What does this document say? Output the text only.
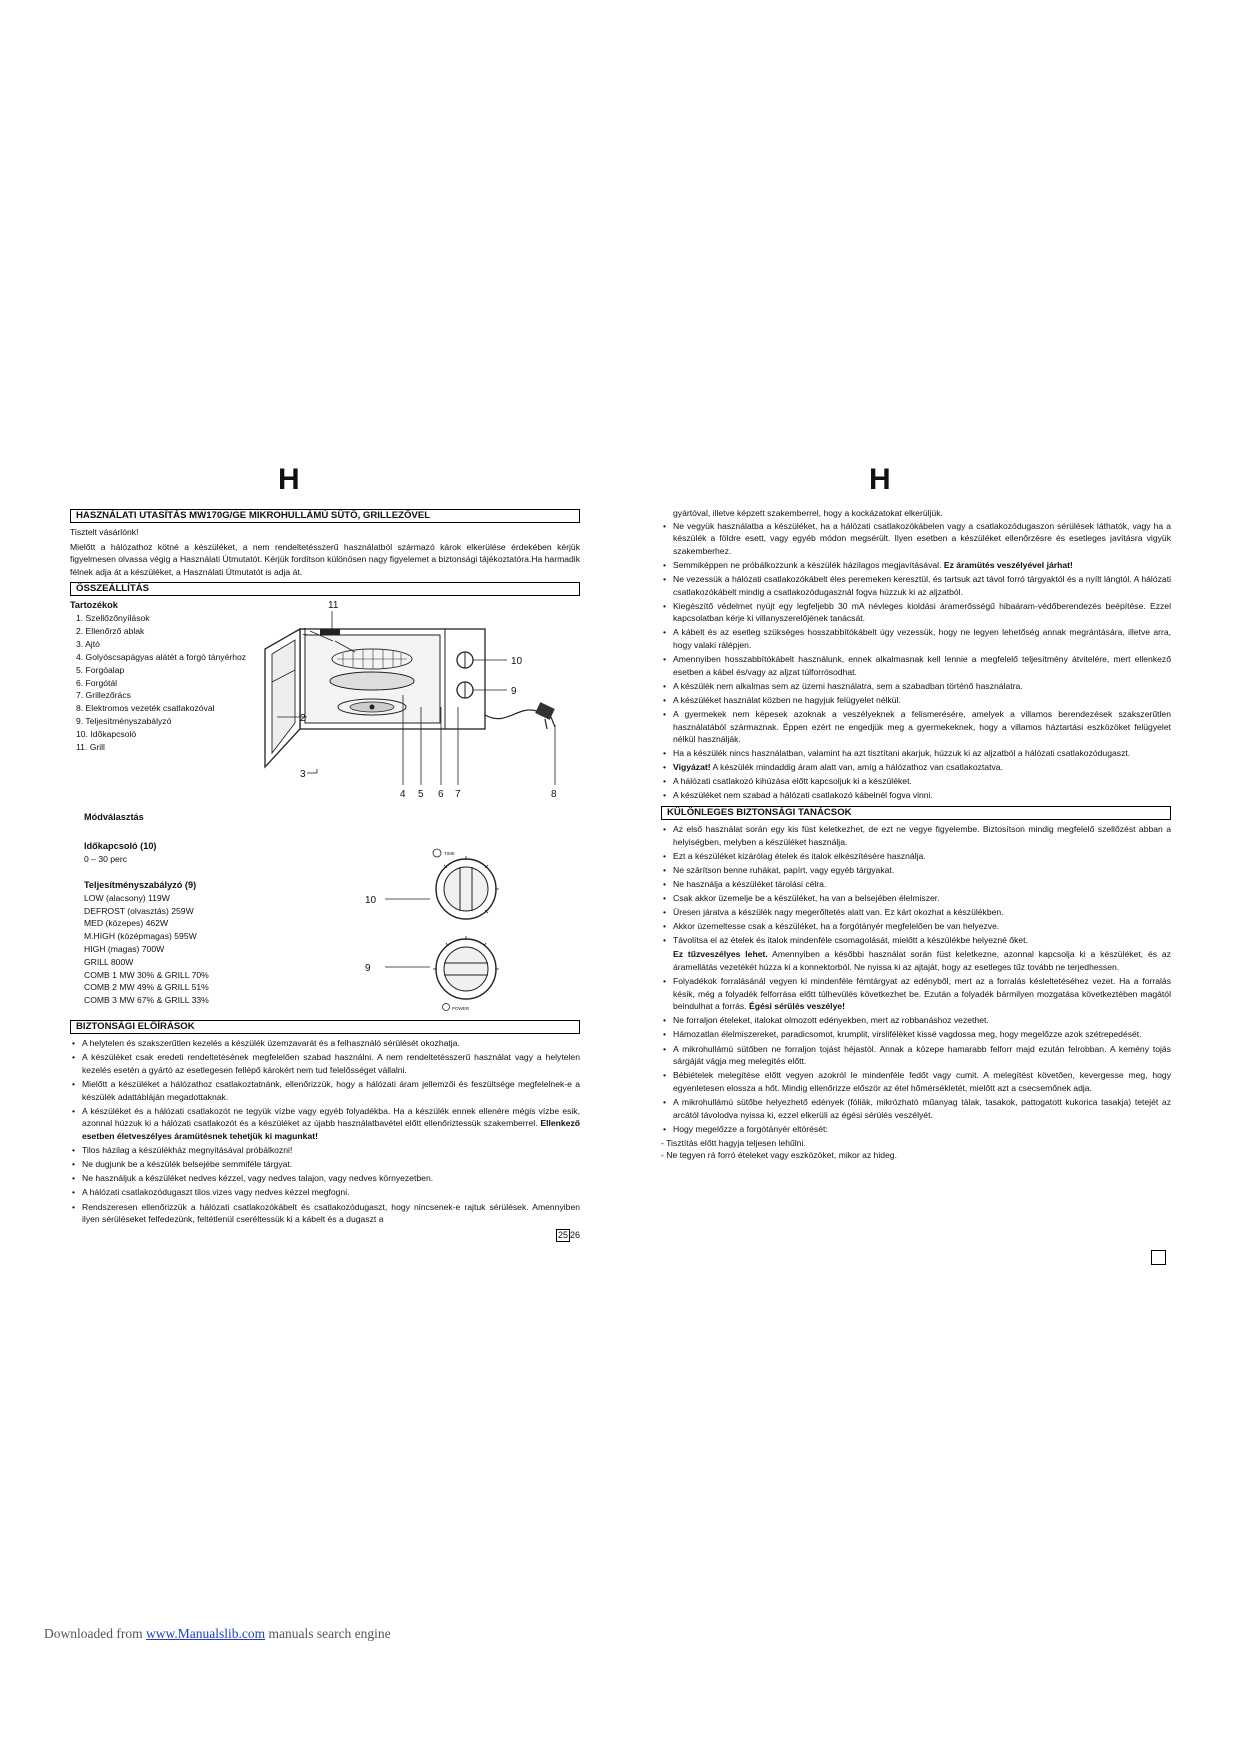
H	H
HASZNÁLATI UTASÍTÁS MW170G/GE MIKROHULLÁMÚ SÜTŐ, GRILLEZŐVEL
Tisztelt vásárlónk!
Mielőtt a hálózathoz kötné a készüléket, a nem rendeltetésszerű használatból származó károk elkerülése érdekében kérjük figyelmesen olvassa végig a Használati Útmutatót. Kérjük fordítson különösen nagy figyelemet a biztonsági tájékoztatóra.Ha harmadik félnek adja át a készüléket, a Használati Útmutatót is adja át.
ÖSSZEÁLLÍTÁS
Tartozékok
1. Szellőzőnyílások
2. Ellenőrző ablak
3. Ajtó
4. Golyóscsapágyas alátét a forgó tányérhoz
5. Forgóalap
6. Forgótál
7. Grillezőrács
8. Elektromos vezeték csatlakozóval
9. Teljesítményszabályzó
10. Időkapcsoló
11. Grill
11
1
10
9
2
3
4 5 6 7	8
Módválasztás
Időkapcsoló (10)
0 – 30 perc
Teljesítményszabályzó (9)
LOW (alacsony) 119W
DEFROST (olvasztás) 259W
MED (közepes) 462W
M.HIGH (középmagas) 595W
HIGH (magas) 700W
GRILL 800W
COMB 1 MW 30% & GRILL 70%
COMB 2 MW 49% & GRILL 51%
COMB 3 MW 67% & GRILL 33%
TIME
10
POWER
9
BIZTONSÁGI ELŐÍRÁSOK
• A helytelen és szakszerűtlen kezelés a készülék üzemzavarát és a felhasználó sérülését okozhatja.
• A készüléket csak eredeti rendeltetésének megfelelően szabad használni. A nem rendeltetésszerű használat vagy a helytelen kezelés esetén a gyártó az esetlegesen fellépő károkért nem tud felelősséget vállalni.
• Mielőtt a készüléket a hálózathoz csatlakoztatnánk, ellenőrizzük, hogy a hálózati áram jellemzői és feszültsége megfelelnek-e a készülék adattábláján megadottaknak.
• A készüléket és a hálózati csatlakozót ne tegyük vízbe vagy egyéb folyadékba. Ha a készülék ennek ellenére mégis vízbe esik, azonnal húzzuk ki a hálózati csatlakozót és a készüléket az újabb használatbavétel előtt ellenőriztessük szakemberrel. Ellenkező esetben életveszélyes áramütésnek tehetjük ki magunkat!
• Tilos házilag a készülékház megnyitásával próbálkozni!
• Ne dugjunk be a készülék belsejébe semmiféle tárgyat.
• Ne használjuk a készüléket nedves kézzel, vagy nedves talajon, vagy nedves környezetben.
• A hálózati csatlakozódugaszt tilos vizes vagy nedves kézzel megfogni.
• Rendszeresen ellenőrizzük a hálózati csatlakozókábelt és csatlakozódugaszt, hogy nincsenek-e rajtuk sérülések. Amennyiben ilyen sérüléseket felfedezünk, feltétlenül cseréltessük ki a kábelt és a dugaszt a
25 26
gyártóval, illetve képzett szakemberrel, hogy a kockázatokat elkerüljük.
• Ne vegyük használatba a készüléket, ha a hálózati csatlakozókábelen vagy a csatlakozódugaszon sérülések láthatók, vagy ha a készülék a földre esett, vagy egyéb módon megsérült. Ilyen esetben a készüléket ellenőrzésre és esetleges javításra vigyük szakemberhez.
• Semmiképpen ne próbálkozzunk a készülék házilagos megjavításával. Ez áramütés veszélyével járhat!
• Ne vezessük a hálózati csatlakozókábelt éles peremeken keresztül, és tartsuk azt távol forró tárgyaktól és a nyílt lángtól. A hálózati csatlakozókábelt mindig a csatlakozódugasznál fogva húzzuk ki az aljzatból.
• Kiegészítő védelmet nyújt egy legfeljebb 30 mA névleges kioldási áramerősségű hibaáram-védőberendezés beépítése. Ezzel kapcsolatban kérje ki villanyszerelőjének tanácsát.
• A kábelt és az esetleg szükséges hosszabbítókábelt úgy vezessük, hogy ne legyen lehetőség annak megrántására, illetve arra, hogy valaki rálépjen.
• Amennyiben hosszabbítókábelt használunk, ennek alkalmasnak kell lennie a megfelelő teljesítmény átvitelére, mert ellenkező esetben a kábel és/vagy az aljzat túlforrósodhat.
• A készülék nem alkalmas sem az üzemi használatra, sem a szabadban történő használatra.
• A készüléket használat közben ne hagyjuk felügyelet nélkül.
• A gyermekek nem képesek azoknak a veszélyeknek a felismerésére, amelyek a villamos berendezések szakszerűtlen használatából származnak. Éppen ezért ne engedjük meg a gyermekeknek, hogy a villamos háztartási eszközöket felügyelet nélkül használják.
• Ha a készülék nincs használatban, valamint ha azt tisztítani akarjuk, húzzuk ki az aljzatból a hálózati csatlakozódugaszt.
• Vigyázat! A készülék mindaddig áram alatt van, amíg a hálózathoz van csatlakoztatva.
• A hálózati csatlakozó kihúzása előtt kapcsoljuk ki a készüléket.
• A készüléket nem szabad a hálózati csatlakozó kábelnél fogva vinni.
KÜLÖNLEGES BIZTONSÁGI TANÁCSOK
• Az első használat során egy kis füst keletkezhet, de ezt ne vegye figyelembe. Biztosítson mindig megfelelő szellőzést abban a helyiségben, melyben a készüléket használja.
• Ezt a készüléket kizárólag ételek és italok elkészítésére használja.
• Ne szárítson benne ruhákat, papírt, vagy egyéb tárgyakat.
• Ne használja a készüléket tárolási célra.
• Csak akkor üzemelje be a készüléket, ha van a belsejében élelmiszer.
• Üresen járatva a készülék nagy megerőltetés alatt van. Ez kárt okozhat a készülékben.
• Akkor üzemeltesse csak a készüléket, ha a forgótányér megfelelően be van helyezve.
• Távolítsa el az ételek és italok mindenféle csomagolását, mielőtt a készülékbe helyezné őket.
Ez tűzveszélyes lehet. Amennyiben a későbbi használat során füst keletkezne, azonnal kapcsolja ki a készüléket, és az áramellátás vezetékét húzza ki a konnektorból. Ne nyissa ki az ajtaját, hogy az esetleges tűz tovább ne terjedhessen.
• Folyadékok forralásánál vegyen ki mindenféle fémtárgyat az edényből, mert az a forralás késleltetéséhez vezet. Ha a forralás késik, még a folyadék felforrása előtt túlhevülés következhet be. Ezután a folyadék bármilyen mozgatása következtében magától beindulhat a forrás. Égési sérülés veszélye!
• Ne forraljon ételeket, italokat olmozott edényekben, mert az robbanáshoz vezethet.
• Hámozatlan élelmiszereket, paradicsomot, krumplit, virslifélèket kissé vagdossa meg, hogy megelőzze azok szétrepedését.
• A mikrohullámú sütőben ne forraljon tojást héjastól. Annak a közepe hamarabb felforr majd ezután felrobban. A kemény tojás sárgáját vágja meg melegítés előtt.
• Bébiételek melegítése előtt vegyen azokról le mindenféle fedőt vagy cumit. A melegítést követően, kevergesse meg, hogy egyenletesen elossza a hőt. Mindig ellenőrizze először az étel hőmérsékletét, mielőtt azt a csecsemőnek adja.
• A mikrohullámú sütőbe helyezhető edények (fóliák, mikrózható műanyag tálak, tasakok, pattogatott kukorica tasakja) tetejét az arcától távolodva nyissa ki, ezzel elkerüli az égési sérülés veszélyét.
• Hogy megelőzze a forgótányér eltörését:
- Tisztítás előtt hagyja teljesen lehűlni.
- Ne tegyen rá forró ételeket vagy eszközöket, mikor az hideg.
Downloaded from www.Manualslib.com manuals search engine
